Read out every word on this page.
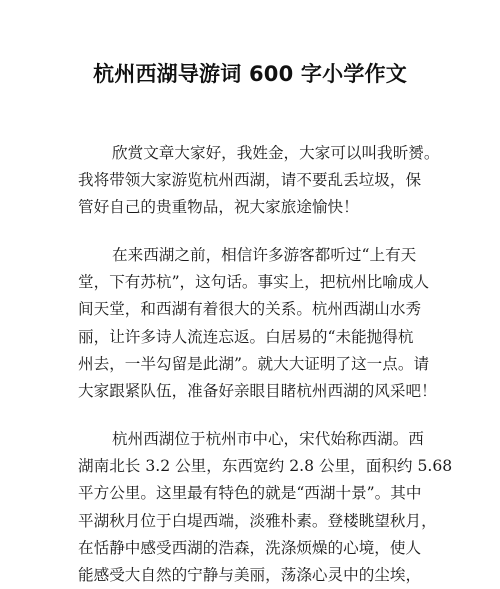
杭州西湖导游词 600 字小学作文
欣赏文章大家好，我姓金，大家可以叫我昕赟。
我将带领大家游览杭州西湖，请不要乱丢垃圾，保
管好自己的贵重物品，祝大家旅途愉快！
在来西湖之前，相信许多游客都听过“上有天
堂，下有苏杭”，这句话。事实上，把杭州比喻成人
间天堂，和西湖有着很大的关系。杭州西湖山水秀
丽，让许多诗人流连忘返。白居易的“未能抛得杭
州去，一半勾留是此湖”。就大大证明了这一点。请
大家跟紧队伍，准备好亲眼目睹杭州西湖的风采吧！
杭州西湖位于杭州市中心，宋代始称西湖。西
湖南北长 3.2 公里，东西宽约 2.8 公里，面积约 5.68
平方公里。这里最有特色的就是“西湖十景”。其中
平湖秋月位于白堤西端，淡雅朴素。登楼眺望秋月，
在恬静中感受西湖的浩森，洗涤烦燥的心境，使人
能感受大自然的宁静与美丽，荡涤心灵中的尘埃，
